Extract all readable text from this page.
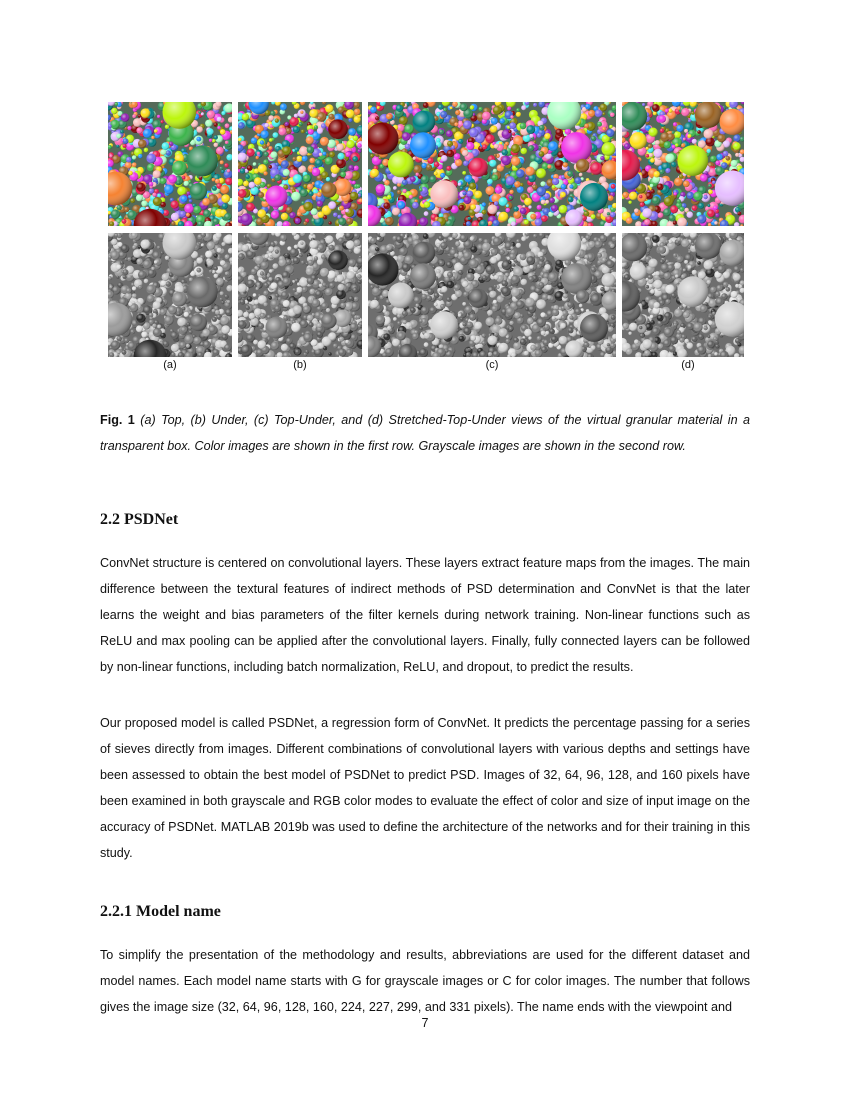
(a)	(b)	(c)	(d)
Fig. 1 (a) Top, (b) Under, (c) Top-Under, and (d) Stretched-Top-Under views of the virtual granular material in a transparent box. Color images are shown in the first row. Grayscale images are shown in the second row.
2.2 PSDNet
ConvNet structure is centered on convolutional layers. These layers extract feature maps from the images. The main difference between the textural features of indirect methods of PSD determination and ConvNet is that the later learns the weight and bias parameters of the filter kernels during network training. Non-linear functions such as ReLU and max pooling can be applied after the convolutional layers. Finally, fully connected layers can be followed by non-linear functions, including batch normalization, ReLU, and dropout, to predict the results.
Our proposed model is called PSDNet, a regression form of ConvNet. It predicts the percentage passing for a series of sieves directly from images. Different combinations of convolutional layers with various depths and settings have been assessed to obtain the best model of PSDNet to predict PSD. Images of 32, 64, 96, 128, and 160 pixels have been examined in both grayscale and RGB color modes to evaluate the effect of color and size of input image on the accuracy of PSDNet. MATLAB 2019b was used to define the architecture of the networks and for their training in this study.
2.2.1 Model name
To simplify the presentation of the methodology and results, abbreviations are used for the different dataset and model names. Each model name starts with G for grayscale images or C for color images. The number that follows gives the image size (32, 64, 96, 128, 160, 224, 227, 299, and 331 pixels). The name ends with the viewpoint and
7
